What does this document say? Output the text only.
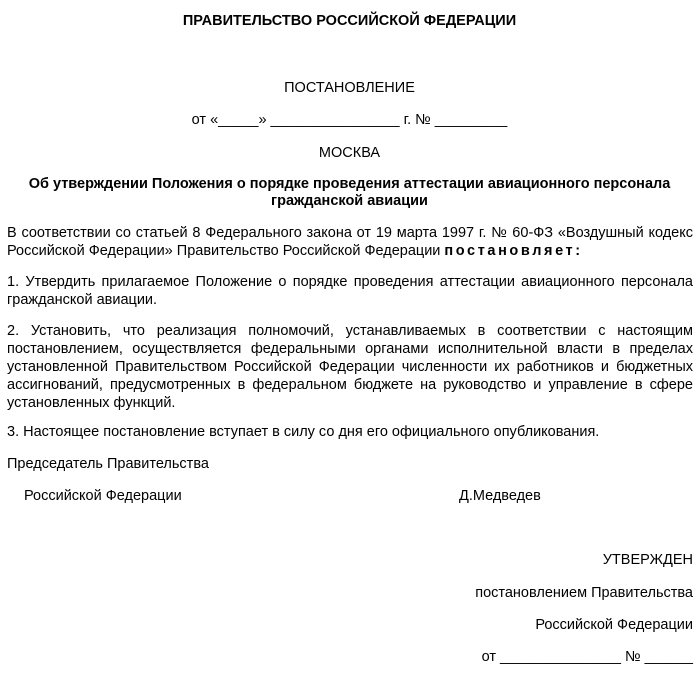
ПРАВИТЕЛЬСТВО РОССИЙСКОЙ ФЕДЕРАЦИИ
ПОСТАНОВЛЕНИЕ
от «_____» ________________ г. № _________
МОСКВА
Об утверждении Положения о порядке проведения аттестации авиационного персонала гражданской авиации
В соответствии со статьей 8 Федерального закона от 19 марта 1997 г. № 60-ФЗ «Воздушный кодекс Российской Федерации» Правительство Российской Федерации постановляет:
1. Утвердить прилагаемое Положение о порядке проведения аттестации авиационного персонала гражданской авиации.
2. Установить, что реализация полномочий, устанавливаемых в соответствии с настоящим постановлением, осуществляется федеральными органами исполнительной власти в пределах установленной Правительством Российской Федерации численности их работников и бюджетных ассигнований, предусмотренных в федеральном бюджете на руководство и управление в сфере установленных функций.
3. Настоящее постановление вступает в силу со дня его официального опубликования.
Председатель Правительства
Российской Федерации	Д.Медведев
УТВЕРЖДЕН
постановлением Правительства
Российской Федерации
от _______________ № ______
